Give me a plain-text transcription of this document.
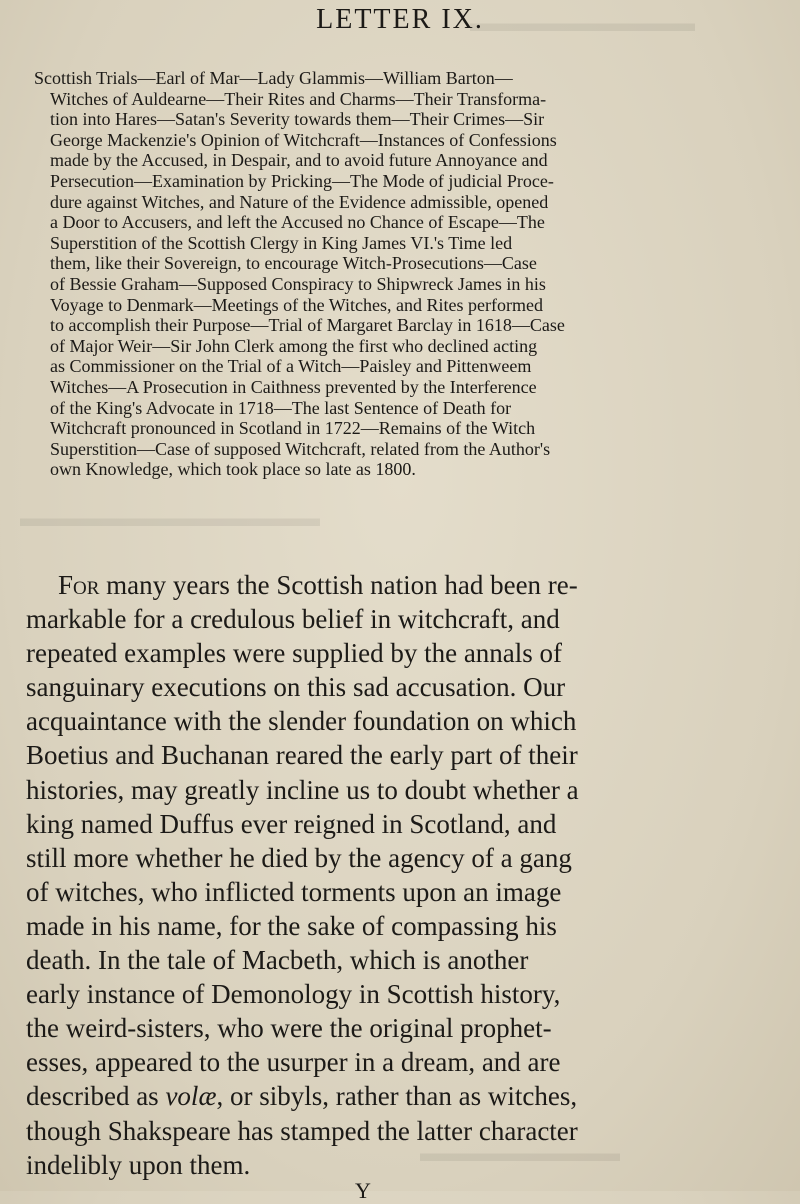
▬▬▬▬▬▬▬▬▬
▬▬▬▬▬▬▬▬▬▬▬▬
▬▬▬▬▬▬▬▬
LETTER IX.
Scottish Trials—Earl of Mar—Lady Glammis—William Barton—
Witches of Auldearne—Their Rites and Charms—Their Transforma-
tion into Hares—Satan's Severity towards them—Their Crimes—Sir
George Mackenzie's Opinion of Witchcraft—Instances of Confessions
made by the Accused, in Despair, and to avoid future Annoyance and
Persecution—Examination by Pricking—The Mode of judicial Proce-
dure against Witches, and Nature of the Evidence admissible, opened
a Door to Accusers, and left the Accused no Chance of Escape—The
Superstition of the Scottish Clergy in King James VI.'s Time led
them, like their Sovereign, to encourage Witch-Prosecutions—Case
of Bessie Graham—Supposed Conspiracy to Shipwreck James in his
Voyage to Denmark—Meetings of the Witches, and Rites performed
to accomplish their Purpose—Trial of Margaret Barclay in 1618—Case
of Major Weir—Sir John Clerk among the first who declined acting
as Commissioner on the Trial of a Witch—Paisley and Pittenweem
Witches—A Prosecution in Caithness prevented by the Interference
of the King's Advocate in 1718—The last Sentence of Death for
Witchcraft pronounced in Scotland in 1722—Remains of the Witch
Superstition—Case of supposed Witchcraft, related from the Author's
own Knowledge, which took place so late as 1800.
For many years the Scottish nation had been re-
markable for a credulous belief in witchcraft, and
repeated examples were supplied by the annals of
sanguinary executions on this sad accusation. Our
acquaintance with the slender foundation on which
Boetius and Buchanan reared the early part of their
histories, may greatly incline us to doubt whether a
king named Duffus ever reigned in Scotland, and
still more whether he died by the agency of a gang
of witches, who inflicted torments upon an image
made in his name, for the sake of compassing his
death. In the tale of Macbeth, which is another
early instance of Demonology in Scottish history,
the weird-sisters, who were the original prophet-
esses, appeared to the usurper in a dream, and are
described as volæ, or sibyls, rather than as witches,
though Shakspeare has stamped the latter character
indelibly upon them.
Y
